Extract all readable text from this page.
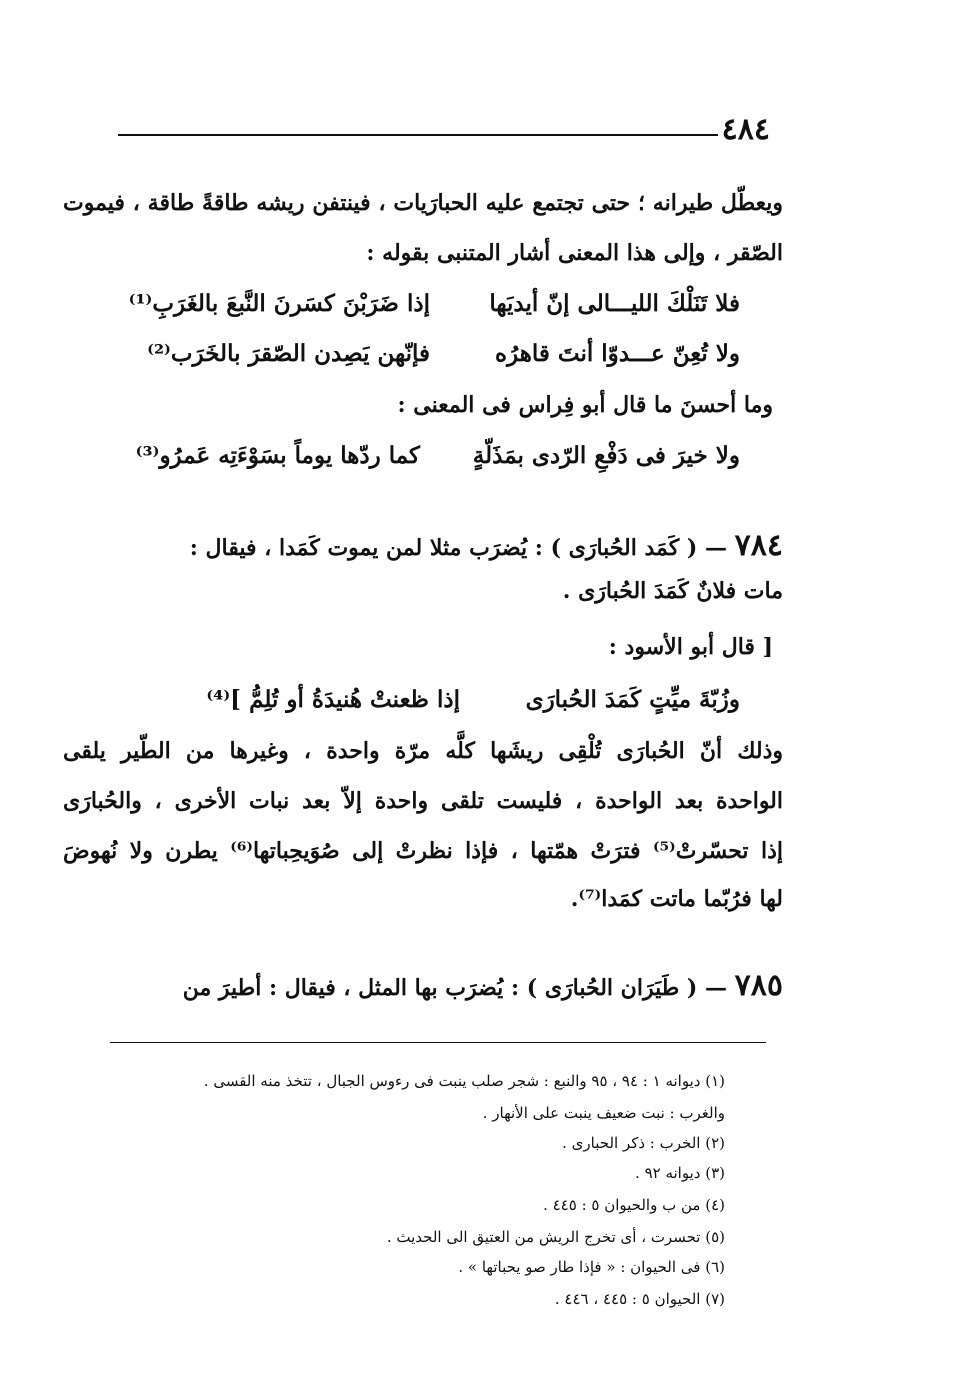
٤٨٤
ويعطّل طيرانه ؛ حتى تجتمع عليه الحبارَيات ، فينتفن ريشه طاقةً طاقة ، فيموت
الصّقر ، وإلى هذا المعنى أشار المتنبى بقوله :
وما أحسنَ ما قال أبو فِراس فى المعنى :
٧٨٤ — ( كَمَد الحُبارَى ) : يُضرَب مثلا لمن يموت كَمَدا ، فيقال :
مات فلانٌ كَمَدَ الحُبارَى .
[ قال أبو الأسود :
وذلك أنّ الحُبارَى تُلْقِى ريشَها كلَّه مرّة واحدة ، وغيرها من الطّير يلقى
الواحدة بعد الواحدة ، فليست تلقى واحدة إلاّ بعد نبات الأخرى ، والحُبارَى
إذا تحسّرتْ⁽⁵⁾ فترَتْ همّتها ، فإذا نظرتْ إلى صُوَيحِباتها⁽⁶⁾ يطرن ولا نُهوضَ
لها فرُبّما ماتت كمَدا⁽⁷⁾.
٧٨٥ — ( طَيَرَان الحُبارَى ) : يُضرَب بها المثل ، فيقال : أطيرَ من
فلا تَنَلْكَ الليـــالى إنّ أيديَها
إذا ضَرَبْنَ كسَرنَ النَّبعَ بالغَرَبِ⁽¹⁾
ولا تُعِنّ عـــدوّا أنتَ قاهرُه
فإنّهن يَصِدن الصّقرَ بالخَرَب⁽²⁾
ولا خيرَ فى دَفْعِ الرّدى بمَذَلّةٍ
كما ردّها يوماً بسَوْءَتِه عَمرُو⁽³⁾
وزُبّةَ ميِّتٍ كَمَدَ الحُبارَى
إذا ظعنتْ هُنيدَةُ أو تُلِمُّ ]⁽⁴⁾
(١) ديوانه ١ : ٩٤ ، ٩٥ والنبع : شجر صلب ينبت فى رءوس الجبال ، تتخذ منه القسى .
والغرب : نبت ضعيف ينبت على الأنهار .
(٢) الخرب : ذكر الحبارى .
(٣) ديوانه ٩٢ .
(٤) من ب والحيوان ٥ : ٤٤٥ .
(٥) تحسرت ، أى تخرج الريش من العتيق الى الحديث .
(٦) فى الحيوان : « فإذا طار صو يحباتها » .
(٧) الحيوان ٥ : ٤٤٥ ، ٤٤٦ .
